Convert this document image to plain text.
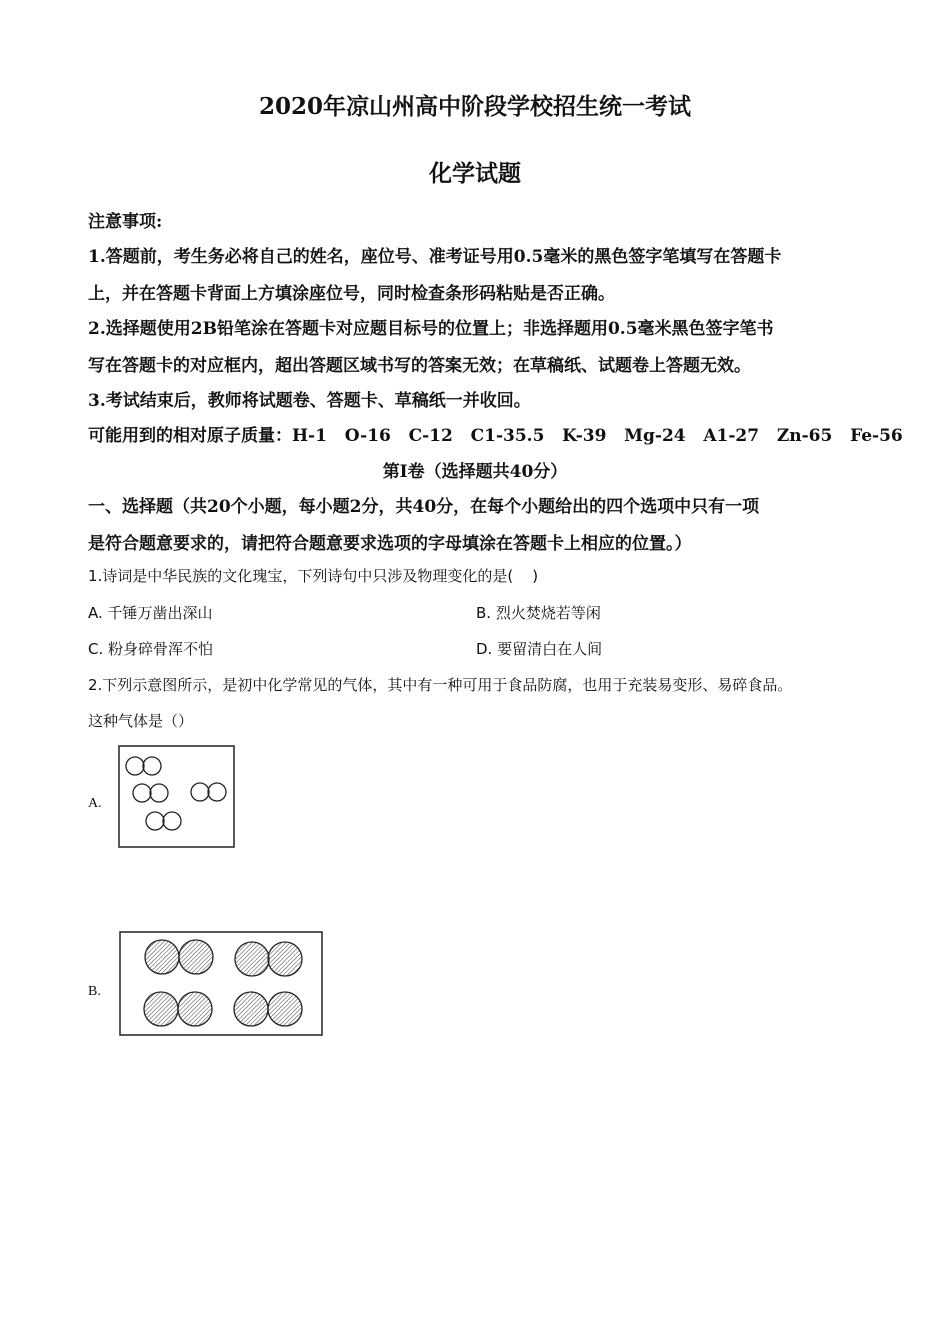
2020年凉山州高中阶段学校招生统一考试
化学试题
注意事项:
1.答题前，考生务必将自己的姓名，座位号、准考证号用0.5毫米的黑色签字笔填写在答题卡
上，并在答题卡背面上方填涂座位号，同时检查条形码粘贴是否正确。
2.选择题使用2B铅笔涂在答题卡对应题目标号的位置上；非选择题用0.5毫米黑色签字笔书
写在答题卡的对应框内，超出答题区域书写的答案无效；在草稿纸、试题卷上答题无效。
3.考试结束后，教师将试题卷、答题卡、草稿纸一并收回。
可能用到的相对原子质量：H-1   O-16   C-12   C1-35.5   K-39   Mg-24   A1-27   Zn-65   Fe-56
第I卷（选择题共40分）
一、选择题（共20个小题，每小题2分，共40分，在每个小题给出的四个选项中只有一项
是符合题意要求的，请把符合题意要求选项的字母填涂在答题卡上相应的位置。）
1.诗词是中华民族的文化瑰宝，下列诗句中只涉及物理变化的是(    )
A. 千锤万凿出深山	B. 烈火焚烧若等闲
C. 粉身碎骨浑不怕	D. 要留清白在人间
2.下列示意图所示，是初中化学常见的气体，其中有一种可用于食品防腐，也用于充装易变形、易碎食品。
这种气体是（）
A.
B.
